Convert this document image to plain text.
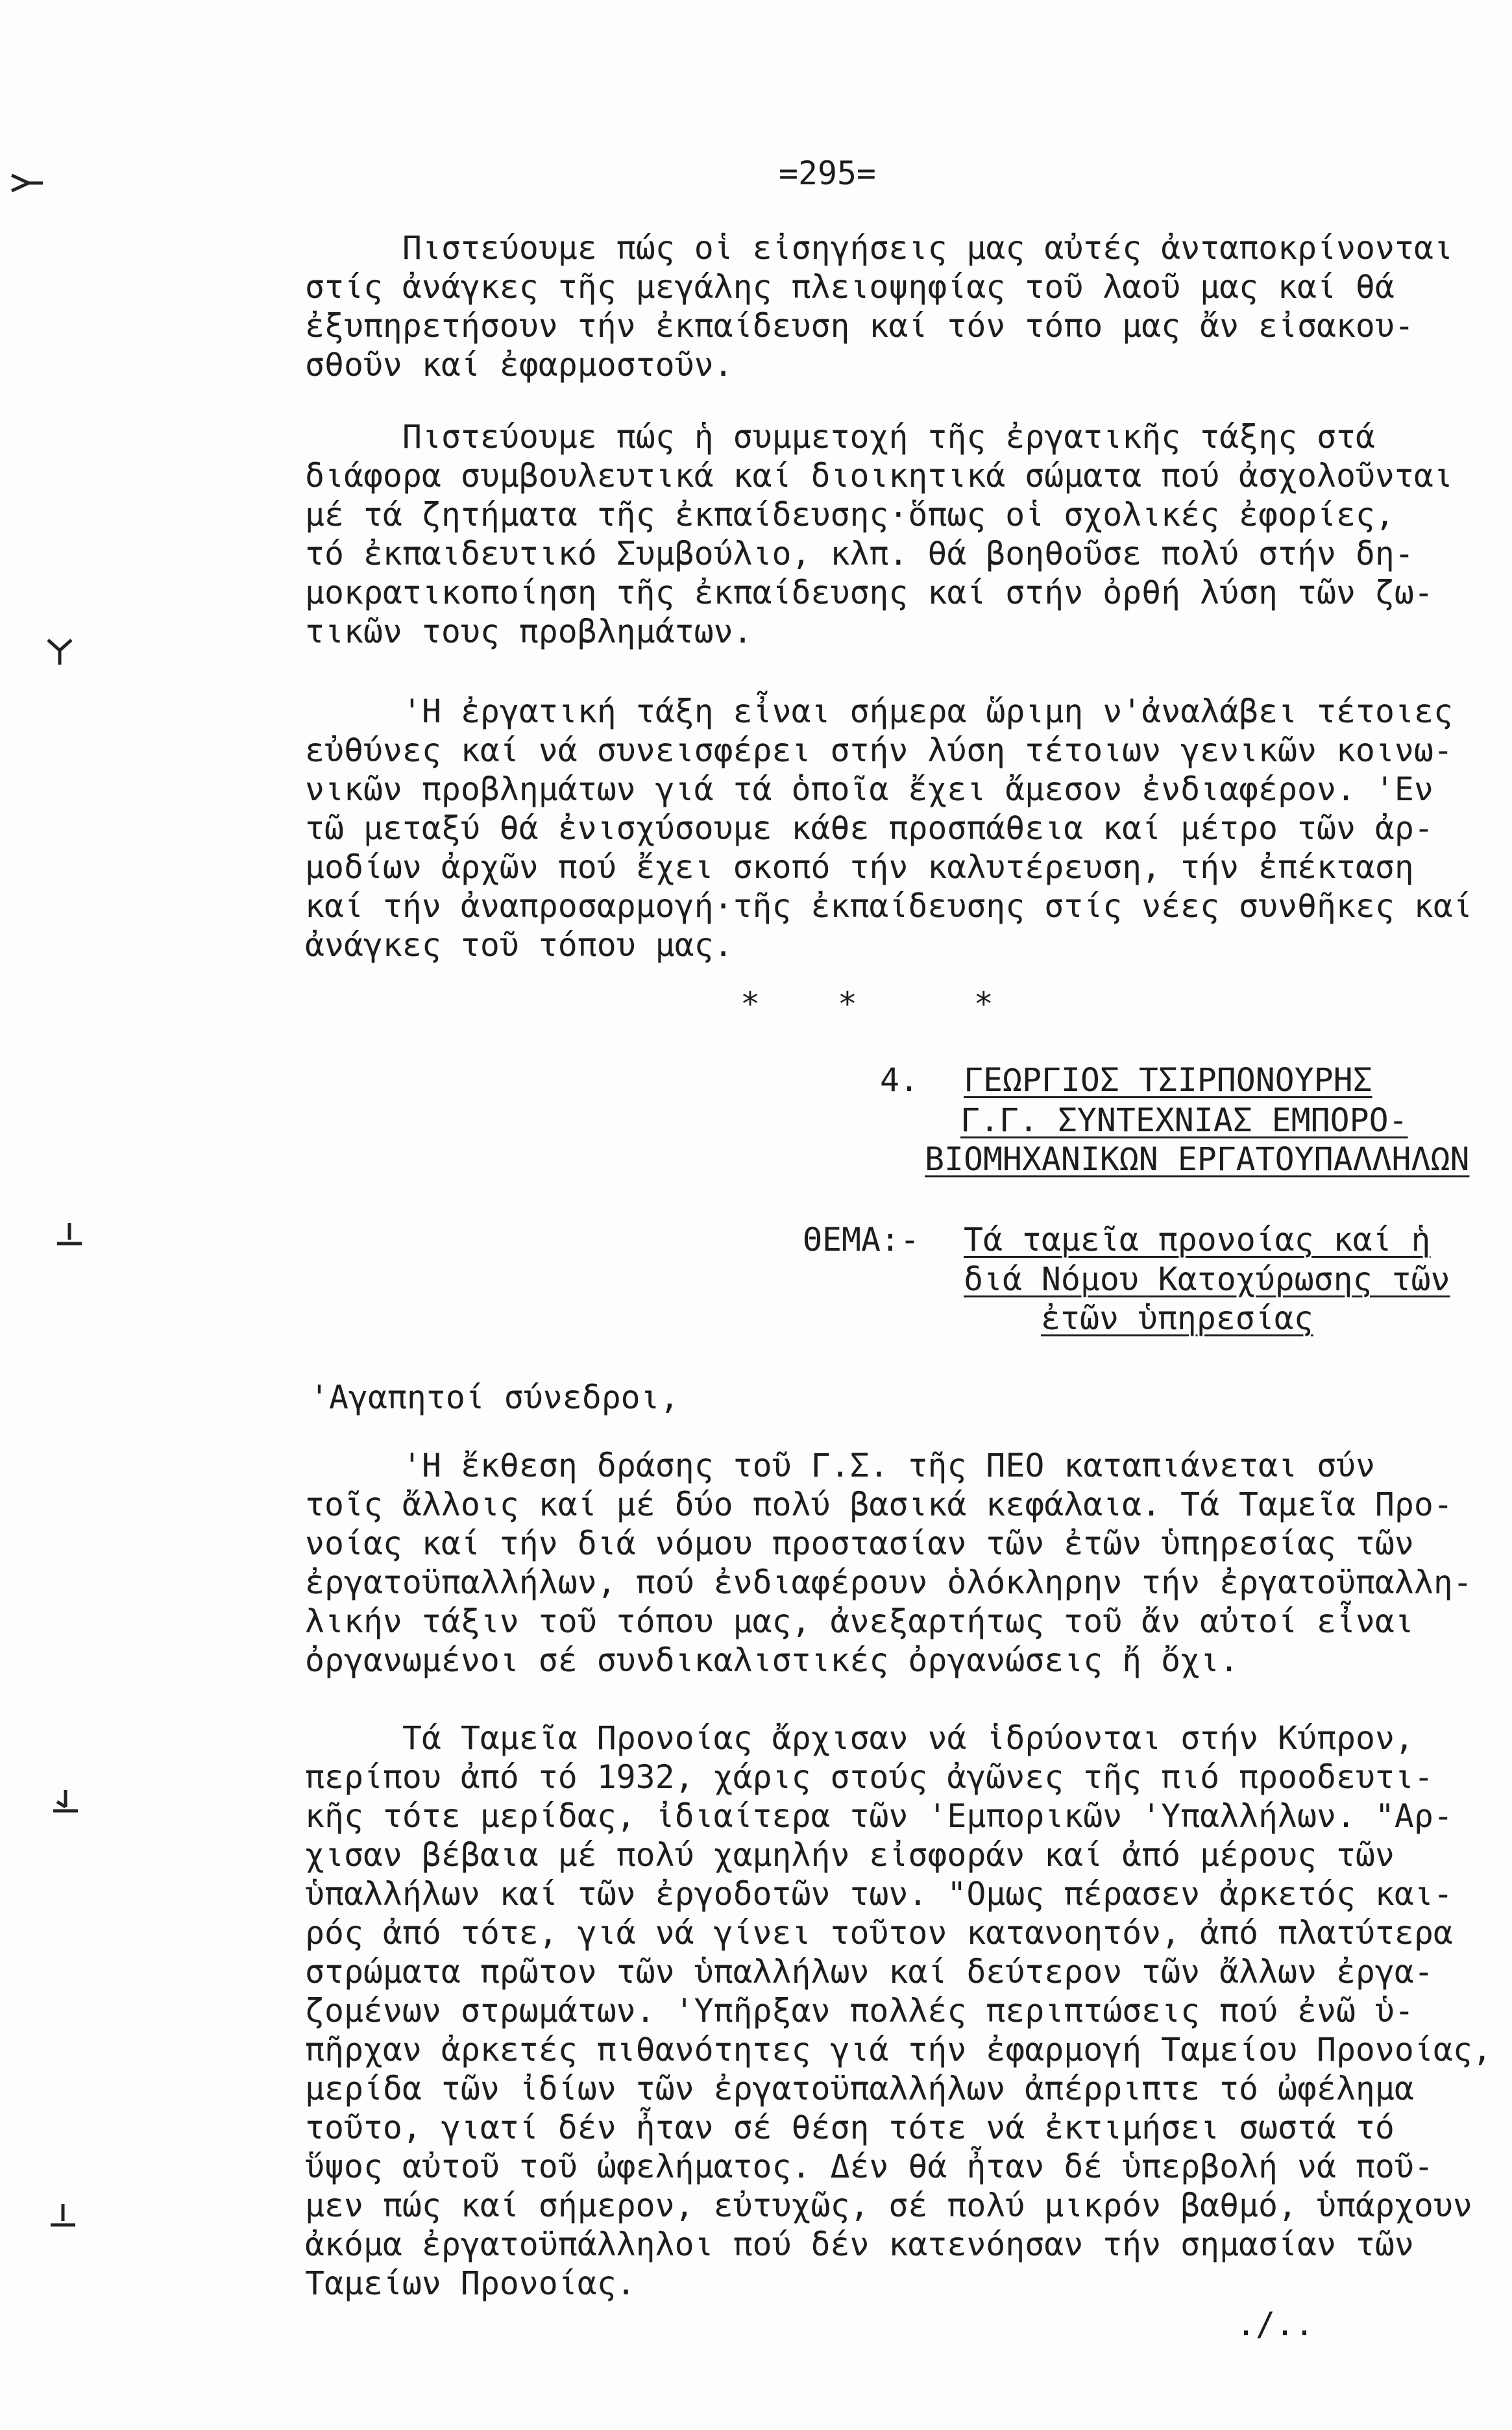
=295=
Πιστεύουμε πώς οἱ εἰσηγήσεις μας αὐτές ἀνταποκρίνονται
στίς ἀνάγκες τῆς μεγάλης πλειοψηφίας τοῦ λαοῦ μας καί θά
ἐξυπηρετήσουν τήν ἐκπαίδευση καί τόν τόπο μας ἄν εἰσακου-
σθοῦν καί ἐφαρμοστοῦν.
Πιστεύουμε πώς ἡ συμμετοχή τῆς ἐργατικῆς τάξης στά
διάφορα συμβουλευτικά καί διοικητικά σώματα πού ἀσχολοῦνται
μέ τά ζητήματα τῆς ἐκπαίδευσης·ὅπως οἱ σχολικές ἐφορίες,
τό ἐκπαιδευτικό Συμβούλιο, κλπ. θά βοηθοῦσε πολύ στήν δη-
μοκρατικοποίηση τῆς ἐκπαίδευσης καί στήν ὀρθή λύση τῶν ζω-
τικῶν τους προβλημάτων.
'Η ἐργατική τάξη εἶναι σήμερα ὥριμη ν'ἀναλάβει τέτοιες
εὐθύνες καί νά συνεισφέρει στήν λύση τέτοιων γενικῶν κοινω-
νικῶν προβλημάτων γιά τά ὁποῖα ἔχει ἄμεσον ἐνδιαφέρον. 'Εν
τῶ μεταξύ θά ἐνισχύσουμε κάθε προσπάθεια καί μέτρο τῶν ἀρ-
μοδίων ἀρχῶν πού ἔχει σκοπό τήν καλυτέρευση, τήν ἐπέκταση
καί τήν ἀναπροσαρμογή·τῆς ἐκπαίδευσης στίς νέες συνθῆκες καί
ἀνάγκες τοῦ τόπου μας.
*    *      *
4. ΓΕΩΡΓΙΟΣ ΤΣΙΡΠΟΝΟΥΡΗΣ
Γ.Γ. ΣΥΝΤΕΧΝΙΑΣ ΕΜΠΟΡΟ-
ΒΙΟΜΗΧΑΝΙΚΩΝ ΕΡΓΑΤΟΥΠΑΛΛΗΛΩΝ
ΘΕΜΑ:- Τά ταμεῖα προνοίας καί ἡ
διά Νόμου Κατοχύρωσης τῶν
ἐτῶν ὑπηρεσίας
'Αγαπητοί σύνεδροι,
'Η ἔκθεση δράσης τοῦ Γ.Σ. τῆς ΠΕΟ καταπιάνεται σύν
τοῖς ἄλλοις καί μέ δύο πολύ βασικά κεφάλαια. Τά Ταμεῖα Προ-
νοίας καί τήν διά νόμου προστασίαν τῶν ἐτῶν ὑπηρεσίας τῶν
ἐργατοϋπαλλήλων, πού ἐνδιαφέρουν ὁλόκληρην τήν ἐργατοϋπαλλη-
λικήν τάξιν τοῦ τόπου μας, ἀνεξαρτήτως τοῦ ἄν αὐτοί εἶναι
ὀργανωμένοι σέ συνδικαλιστικές ὀργανώσεις ἤ ὄχι.
Τά Ταμεῖα Προνοίας ἄρχισαν νά ἱδρύονται στήν Κύπρον,
περίπου ἀπό τό 1932, χάρις στούς ἀγῶνες τῆς πιό προοδευτι-
κῆς τότε μερίδας, ἰδιαίτερα τῶν 'Εμπορικῶν 'Υπαλλήλων. "Αρ-
χισαν βέβαια μέ πολύ χαμηλήν εἰσφοράν καί ἀπό μέρους τῶν
ὑπαλλήλων καί τῶν ἐργοδοτῶν των. "Ομως πέρασεν ἀρκετός και-
ρός ἀπό τότε, γιά νά γίνει τοῦτον κατανοητόν, ἀπό πλατύτερα
στρώματα πρῶτον τῶν ὑπαλλήλων καί δεύτερον τῶν ἄλλων ἐργα-
ζομένων στρωμάτων. 'Υπῆρξαν πολλές περιπτώσεις πού ἐνῶ ὑ-
πῆρχαν ἀρκετές πιθανότητες γιά τήν ἐφαρμογή Ταμείου Προνοίας,
μερίδα τῶν ἰδίων τῶν ἐργατοϋπαλλήλων ἀπέρριπτε τό ὠφέλημα
τοῦτο, γιατί δέν ἦταν σέ θέση τότε νά ἐκτιμήσει σωστά τό
ὕψος αὐτοῦ τοῦ ὠφελήματος. Δέν θά ἦταν δέ ὑπερβολή νά ποῦ-
μεν πώς καί σήμερον, εὐτυχῶς, σέ πολύ μικρόν βαθμό, ὑπάρχουν
ἀκόμα ἐργατοϋπάλληλοι πού δέν κατενόησαν τήν σημασίαν τῶν
Ταμείων Προνοίας.
./..
